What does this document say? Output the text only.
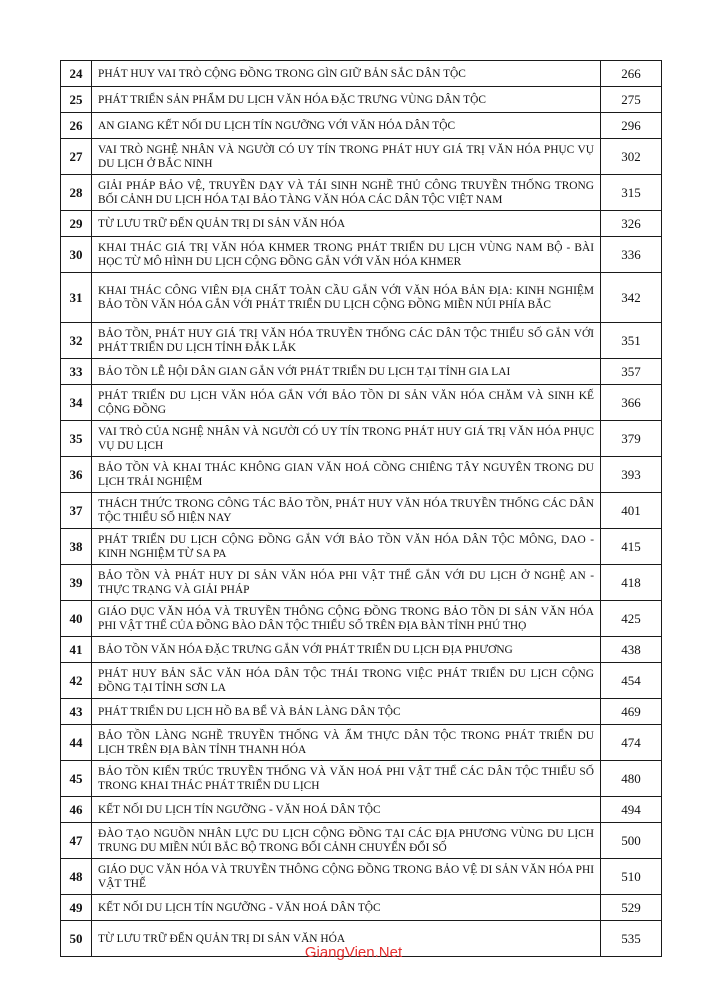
24	PHÁT HUY VAI TRÒ CỘNG ĐỒNG TRONG GÌN GIỮ BẢN SẮC DÂN TỘC	266
25	PHÁT TRIỂN SẢN PHẨM DU LỊCH VĂN HÓA ĐẶC TRƯNG VÙNG DÂN TỘC	275
26	AN GIANG KẾT NỐI DU LỊCH TÍN NGƯỠNG VỚI VĂN HÓA DÂN TỘC	296
27	VAI TRÒ NGHỆ NHÂN VÀ NGƯỜI CÓ UY TÍN TRONG PHÁT HUY GIÁ TRỊ VĂN HÓA PHỤC VỤ DU LỊCH Ở BẮC NINH	302
28	GIẢI PHÁP BẢO VỆ, TRUYỀN DẠY VÀ TÁI SINH NGHỀ THỦ CÔNG TRUYỀN THỐNG TRONG BỐI CẢNH DU LỊCH HÓA TẠI BẢO TÀNG VĂN HÓA CÁC DÂN TỘC VIỆT NAM	315
29	TỪ LƯU TRỮ ĐẾN QUẢN TRỊ DI SẢN VĂN HÓA	326
30	KHAI THÁC GIÁ TRỊ VĂN HÓA KHMER TRONG PHÁT TRIỂN DU LỊCH VÙNG NAM BỘ - BÀI HỌC TỪ MÔ HÌNH DU LỊCH CỘNG ĐỒNG GẮN VỚI VĂN HÓA KHMER	336
31	KHAI THÁC CÔNG VIÊN ĐỊA CHẤT TOÀN CẦU GẮN VỚI VĂN HÓA BẢN ĐỊA: KINH NGHIỆM BẢO TỒN VĂN HÓA GẮN VỚI PHÁT TRIỂN DU LỊCH CỘNG ĐỒNG MIỀN NÚI PHÍA BẮC	342
32	BẢO TỒN, PHÁT HUY GIÁ TRỊ VĂN HÓA TRUYỀN THỐNG CÁC DÂN TỘC THIỂU SỐ GẮN VỚI PHÁT TRIỂN DU LỊCH TỈNH ĐẮK LẮK	351
33	BẢO TỒN LỄ HỘI DÂN GIAN GẮN VỚI PHÁT TRIỂN DU LỊCH TẠI TỈNH GIA LAI	357
34	PHÁT TRIỂN DU LỊCH VĂN HÓA GẮN VỚI BẢO TỒN DI SẢN VĂN HÓA CHĂM VÀ SINH KẾ CỘNG ĐỒNG	366
35	VAI TRÒ CỦA NGHỆ NHÂN VÀ NGƯỜI CÓ UY TÍN TRONG PHÁT HUY GIÁ TRỊ VĂN HÓA PHỤC VỤ DU LỊCH	379
36	BẢO TỒN VÀ KHAI THÁC KHÔNG GIAN VĂN HOÁ CỒNG CHIÊNG TÂY NGUYÊN TRONG DU LỊCH TRẢI NGHIỆM	393
37	THÁCH THỨC TRONG CÔNG TÁC BẢO TỒN, PHÁT HUY VĂN HÓA TRUYỀN THỐNG CÁC DÂN TỘC THIỂU SỐ HIỆN NAY	401
38	PHÁT TRIỂN DU LỊCH CỘNG ĐỒNG GẮN VỚI BẢO TỒN VĂN HÓA DÂN TỘC MÔNG, DAO - KINH NGHIỆM TỪ SA PA	415
39	BẢO TỒN VÀ PHÁT HUY DI SẢN VĂN HÓA PHI VẬT THỂ GẮN VỚI DU LỊCH Ở NGHỆ AN - THỰC TRẠNG VÀ GIẢI PHÁP	418
40	GIÁO DỤC VĂN HÓA VÀ TRUYỀN THÔNG CỘNG ĐỒNG TRONG BẢO TỒN DI SẢN VĂN HÓA PHI VẬT THỂ CỦA ĐỒNG BÀO DÂN TỘC THIỂU SỐ TRÊN ĐỊA BÀN TỈNH PHÚ THỌ	425
41	BẢO TỒN VĂN HÓA ĐẶC TRƯNG GẮN VỚI PHÁT TRIỂN DU LỊCH ĐỊA PHƯƠNG	438
42	PHÁT HUY BẢN SẮC VĂN HÓA DÂN TỘC THÁI TRONG VIỆC PHÁT TRIỂN DU LỊCH CỘNG ĐỒNG TẠI TỈNH SƠN LA	454
43	PHÁT TRIỂN DU LỊCH HỒ BA BỂ VÀ BẢN LÀNG DÂN TỘC	469
44	BẢO TỒN LÀNG NGHỀ TRUYỀN THỐNG VÀ ẨM THỰC DÂN TỘC TRONG PHÁT TRIỂN DU LỊCH TRÊN ĐỊA BÀN TỈNH THANH HÓA	474
45	BẢO TỒN KIẾN TRÚC TRUYỀN THỐNG VÀ VĂN HOÁ PHI VẬT THỂ CÁC DÂN TỘC THIỂU SỐ TRONG KHAI THÁC PHÁT TRIỂN DU LỊCH	480
46	KẾT NỐI DU LỊCH TÍN NGƯỠNG - VĂN HOÁ DÂN TỘC	494
47	ĐÀO TẠO NGUỒN NHÂN LỰC DU LỊCH CỘNG ĐỒNG TẠI CÁC ĐỊA PHƯƠNG VÙNG DU LỊCH TRUNG DU MIỀN NÚI BẮC BỘ TRONG BỐI CẢNH CHUYỂN ĐỔI SỐ	500
48	GIÁO DỤC VĂN HÓA VÀ TRUYỀN THÔNG CỘNG ĐỒNG TRONG BẢO VỆ DI SẢN VĂN HÓA PHI VẬT THỂ	510
49	KẾT NỐI DU LỊCH TÍN NGƯỠNG - VĂN HOÁ DÂN TỘC	529
50	TỪ LƯU TRỮ ĐẾN QUẢN TRỊ DI SẢN VĂN HÓA	535
GiangVien.Net
